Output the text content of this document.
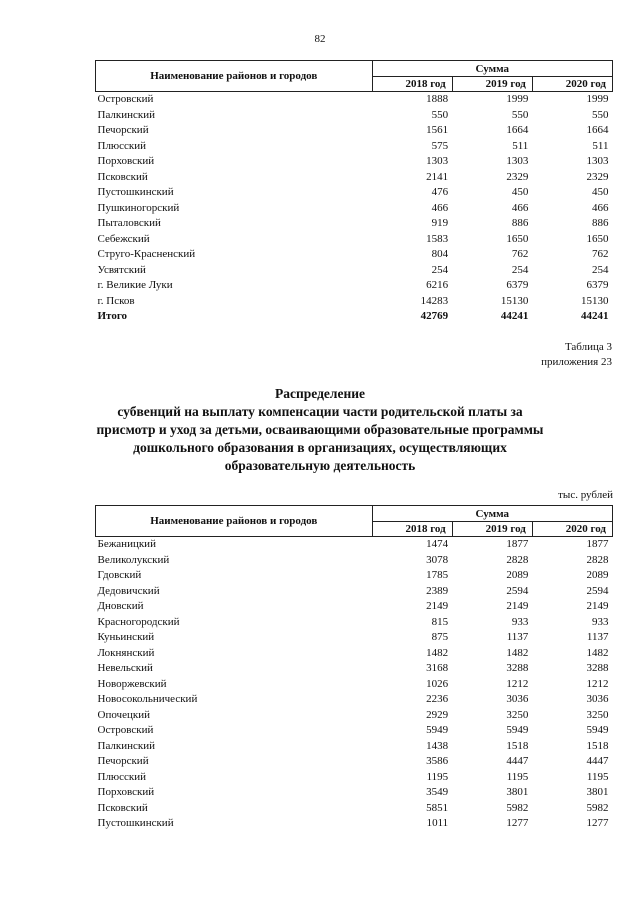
82
Наименование районов и городов	Сумма		
	2018 год	2019 год	2020 год
Островский	1888	1999	1999
Палкинский	550	550	550
Печорский	1561	1664	1664
Плюсский	575	511	511
Порховский	1303	1303	1303
Псковский	2141	2329	2329
Пустошкинский	476	450	450
Пушкиногорский	466	466	466
Пыталовский	919	886	886
Себежский	1583	1650	1650
Струго-Красненский	804	762	762
Усвятский	254	254	254
г. Великие Луки	6216	6379	6379
г. Псков	14283	15130	15130
Итого	42769	44241	44241
Таблица 3
приложения 23
Распределение
субвенций на выплату компенсации части родительской платы за
присмотр и уход за детьми, осваивающими образовательные программы
дошкольного образования в организациях, осуществляющих
образовательную деятельность
тыс. рублей
Наименование районов и городов	Сумма		
	2018 год	2019 год	2020 год
Бежаницкий	1474	1877	1877
Великолукский	3078	2828	2828
Гдовский	1785	2089	2089
Дедовичский	2389	2594	2594
Дновский	2149	2149	2149
Красногородский	815	933	933
Куньинский	875	1137	1137
Локнянский	1482	1482	1482
Невельский	3168	3288	3288
Новоржевский	1026	1212	1212
Новосокольнический	2236	3036	3036
Опочецкий	2929	3250	3250
Островский	5949	5949	5949
Палкинский	1438	1518	1518
Печорский	3586	4447	4447
Плюсский	1195	1195	1195
Порховский	3549	3801	3801
Псковский	5851	5982	5982
Пустошкинский	1011	1277	1277
